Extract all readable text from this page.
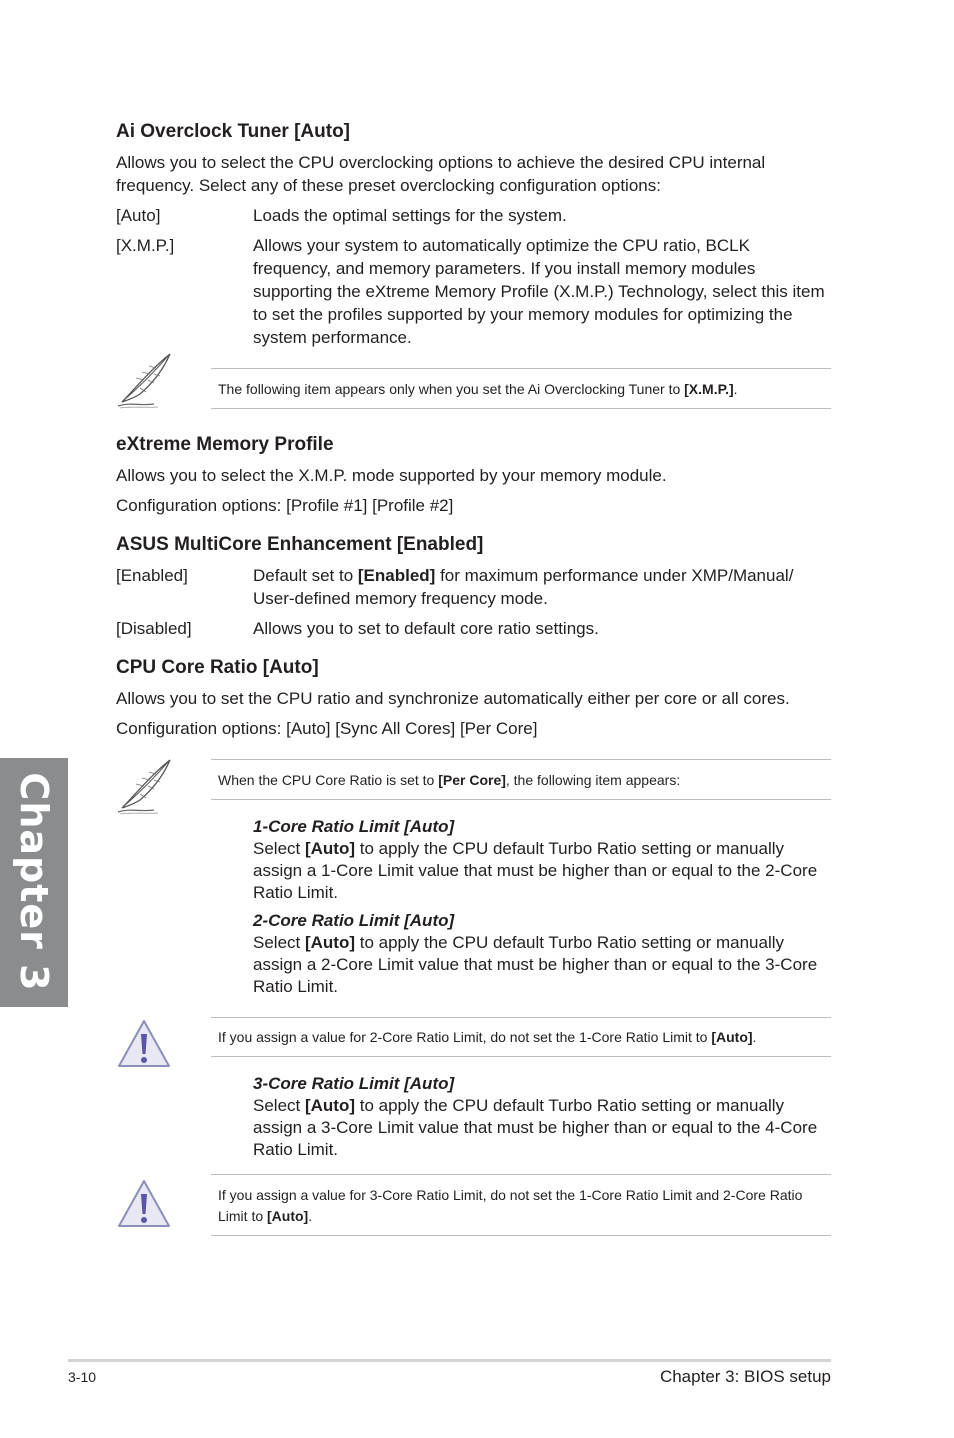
Ai Overclock Tuner [Auto]

Allows you to select the CPU overclocking options to achieve the desired CPU internal frequency. Select any of these preset overclocking configuration options:

[Auto]	Loads the optimal settings for the system.

[X.M.P.]	Allows your system to automatically optimize the CPU ratio, BCLK frequency, and memory parameters. If you install memory modules supporting the eXtreme Memory Profile (X.M.P.) Technology, select this item to set the profiles supported by your memory modules for optimizing the system performance.

The following item appears only when you set the Ai Overclocking Tuner to [X.M.P.].

eXtreme Memory Profile

Allows you to select the X.M.P. mode supported by your memory module.

Configuration options: [Profile #1] [Profile #2]

ASUS MultiCore Enhancement [Enabled]
[Enabled]	Default set to [Enabled] for maximum performance under XMP/Manual/ User-defined memory frequency mode.

[Disabled]	Allows you to set to default core ratio settings.

CPU Core Ratio [Auto]

Allows you to set the CPU ratio and synchronize automatically either per core or all cores.

Configuration options: [Auto] [Sync All Cores] [Per Core]

When the CPU Core Ratio is set to [Per Core], the following item appears:

1-Core Ratio Limit [Auto]

Select [Auto] to apply the CPU default Turbo Ratio setting or manually assign a 1-Core Limit value that must be higher than or equal to the 2-Core Ratio Limit.

2-Core Ratio Limit [Auto]

Select [Auto] to apply the CPU default Turbo Ratio setting or manually assign a 2-Core Limit value that must be higher than or equal to the 3-Core Ratio Limit.

If you assign a value for 2-Core Ratio Limit, do not set the 1-Core Ratio Limit to [Auto].

3-Core Ratio Limit [Auto]

Select [Auto] to apply the CPU default Turbo Ratio setting or manually assign a 3-Core Limit value that must be higher than or equal to the 4-Core Ratio Limit.

If you assign a value for 3-Core Ratio Limit, do not set the 1-Core Ratio Limit and 2-Core Ratio Limit to [Auto].

Chapter 3
3-10	Chapter 3: BIOS setup
